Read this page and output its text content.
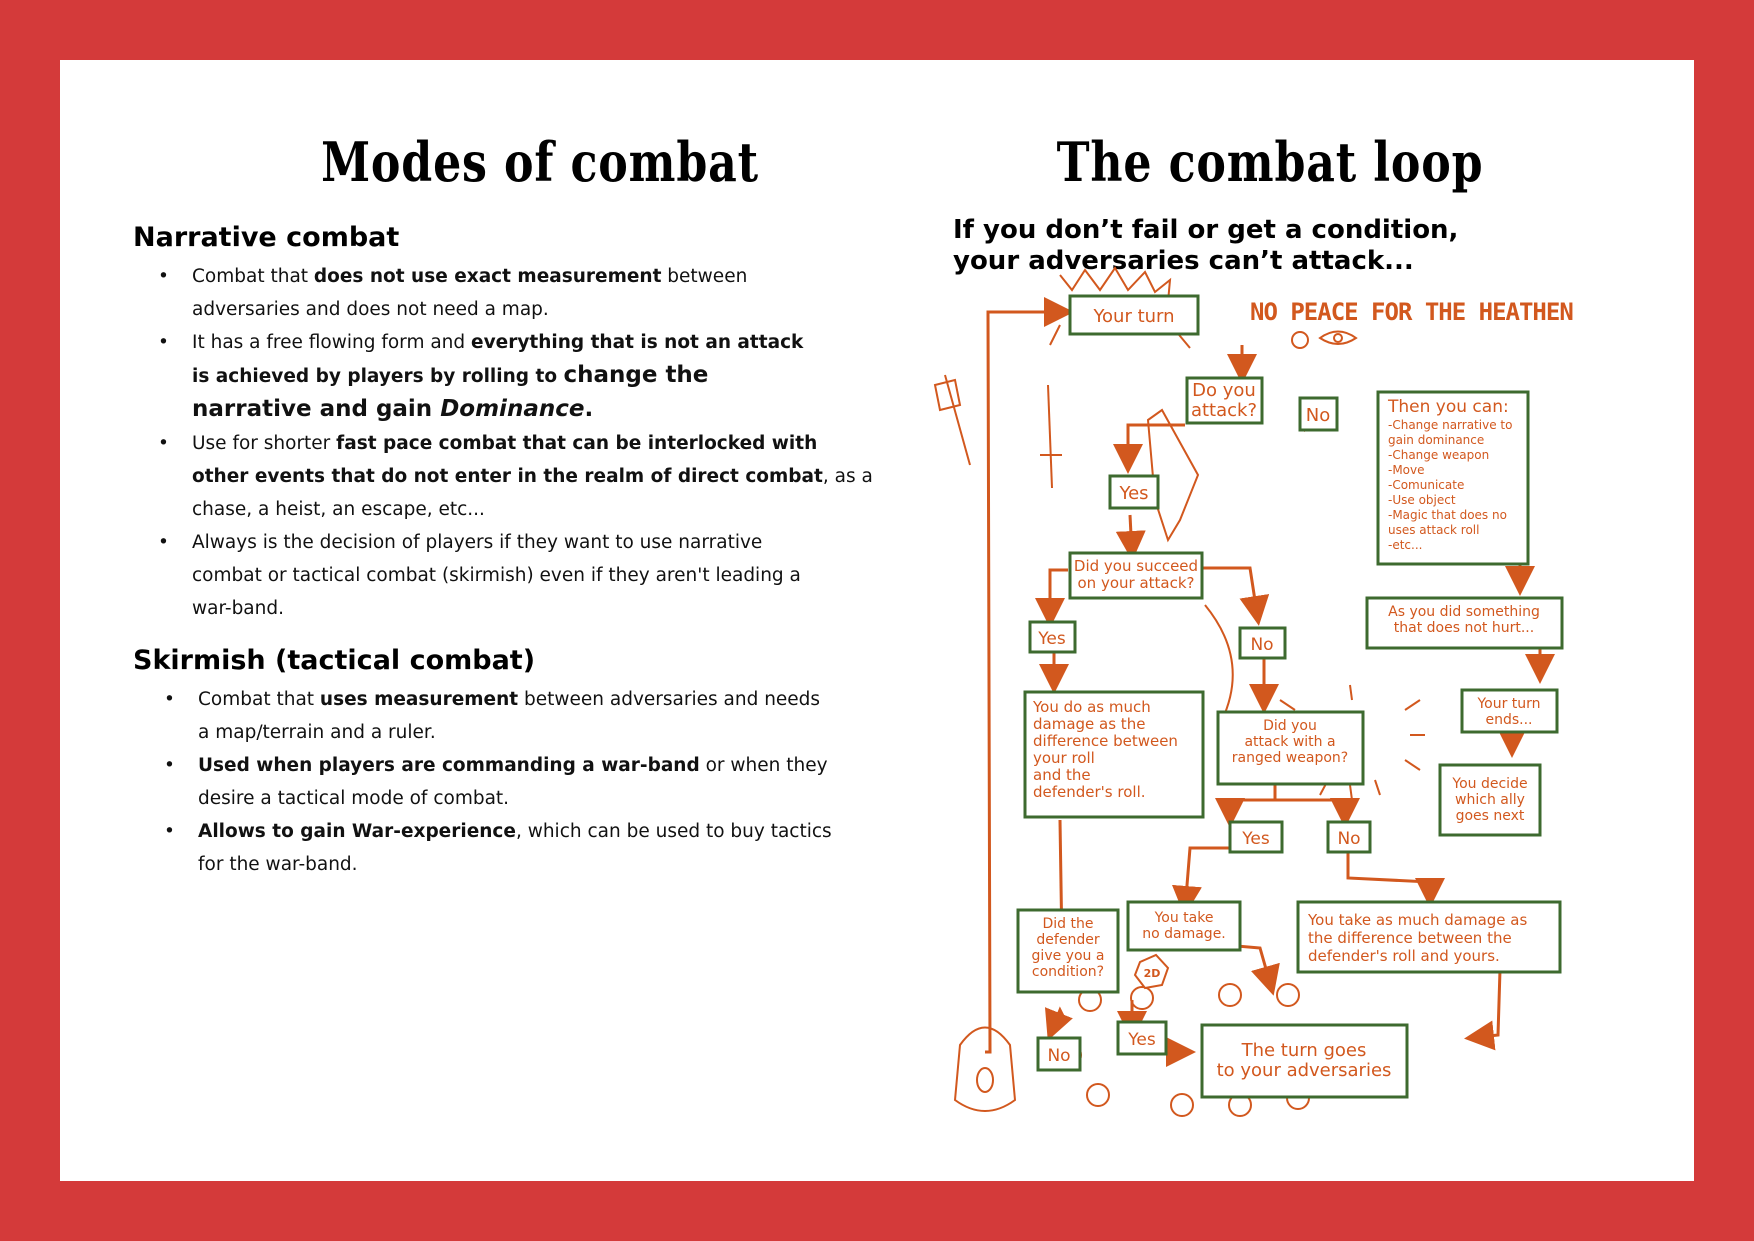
Modes of combat
Narrative combat
• Combat that does not use exact measurement between
adversaries and does not need a map.
• It has a free flowing form and everything that is not an attack
is achieved by players by rolling to change the
narrative and gain Dominance.
• Use for shorter fast pace combat that can be interlocked with
other events that do not enter in the realm of direct combat, as a
chase, a heist, an escape, etc...
• Always is the decision of players if they want to use narrative
combat or tactical combat (skirmish) even if they aren't leading a
war-band.
Skirmish (tactical combat)
• Combat that uses measurement between adversaries and needs
a map/terrain and a ruler.
• Used when players are commanding a war-band or when they
desire a tactical mode of combat.
• Allows to gain War-experience, which can be used to buy tactics
for the war-band.
The combat loop

If you don’t fail or get a condition,
your adversaries can’t attack...

NO PEACE FOR THE HEATHEN
2D
Your turn
Do you
attack?	No
Yes
Did you succeed
on your attack?
Yes	No
As you did something
that does not hurt...
Your turn
ends...
You decide
which ally
goes next
Did you
attack with a
ranged weapon?
Yes	No
You take
no damage.
Did the
defender
give you a
condition?
No
Yes	The turn goes
to your adversaries
Then you can:
-Change narrative to
gain dominance
-Change weapon
-Move
-Comunicate
-Use object
-Magic that does no
uses attack roll
-etc...
You do as much
damage as the
difference between
your roll
and the
defender's roll.
You take as much damage as
the difference between the
defender's roll and yours.
